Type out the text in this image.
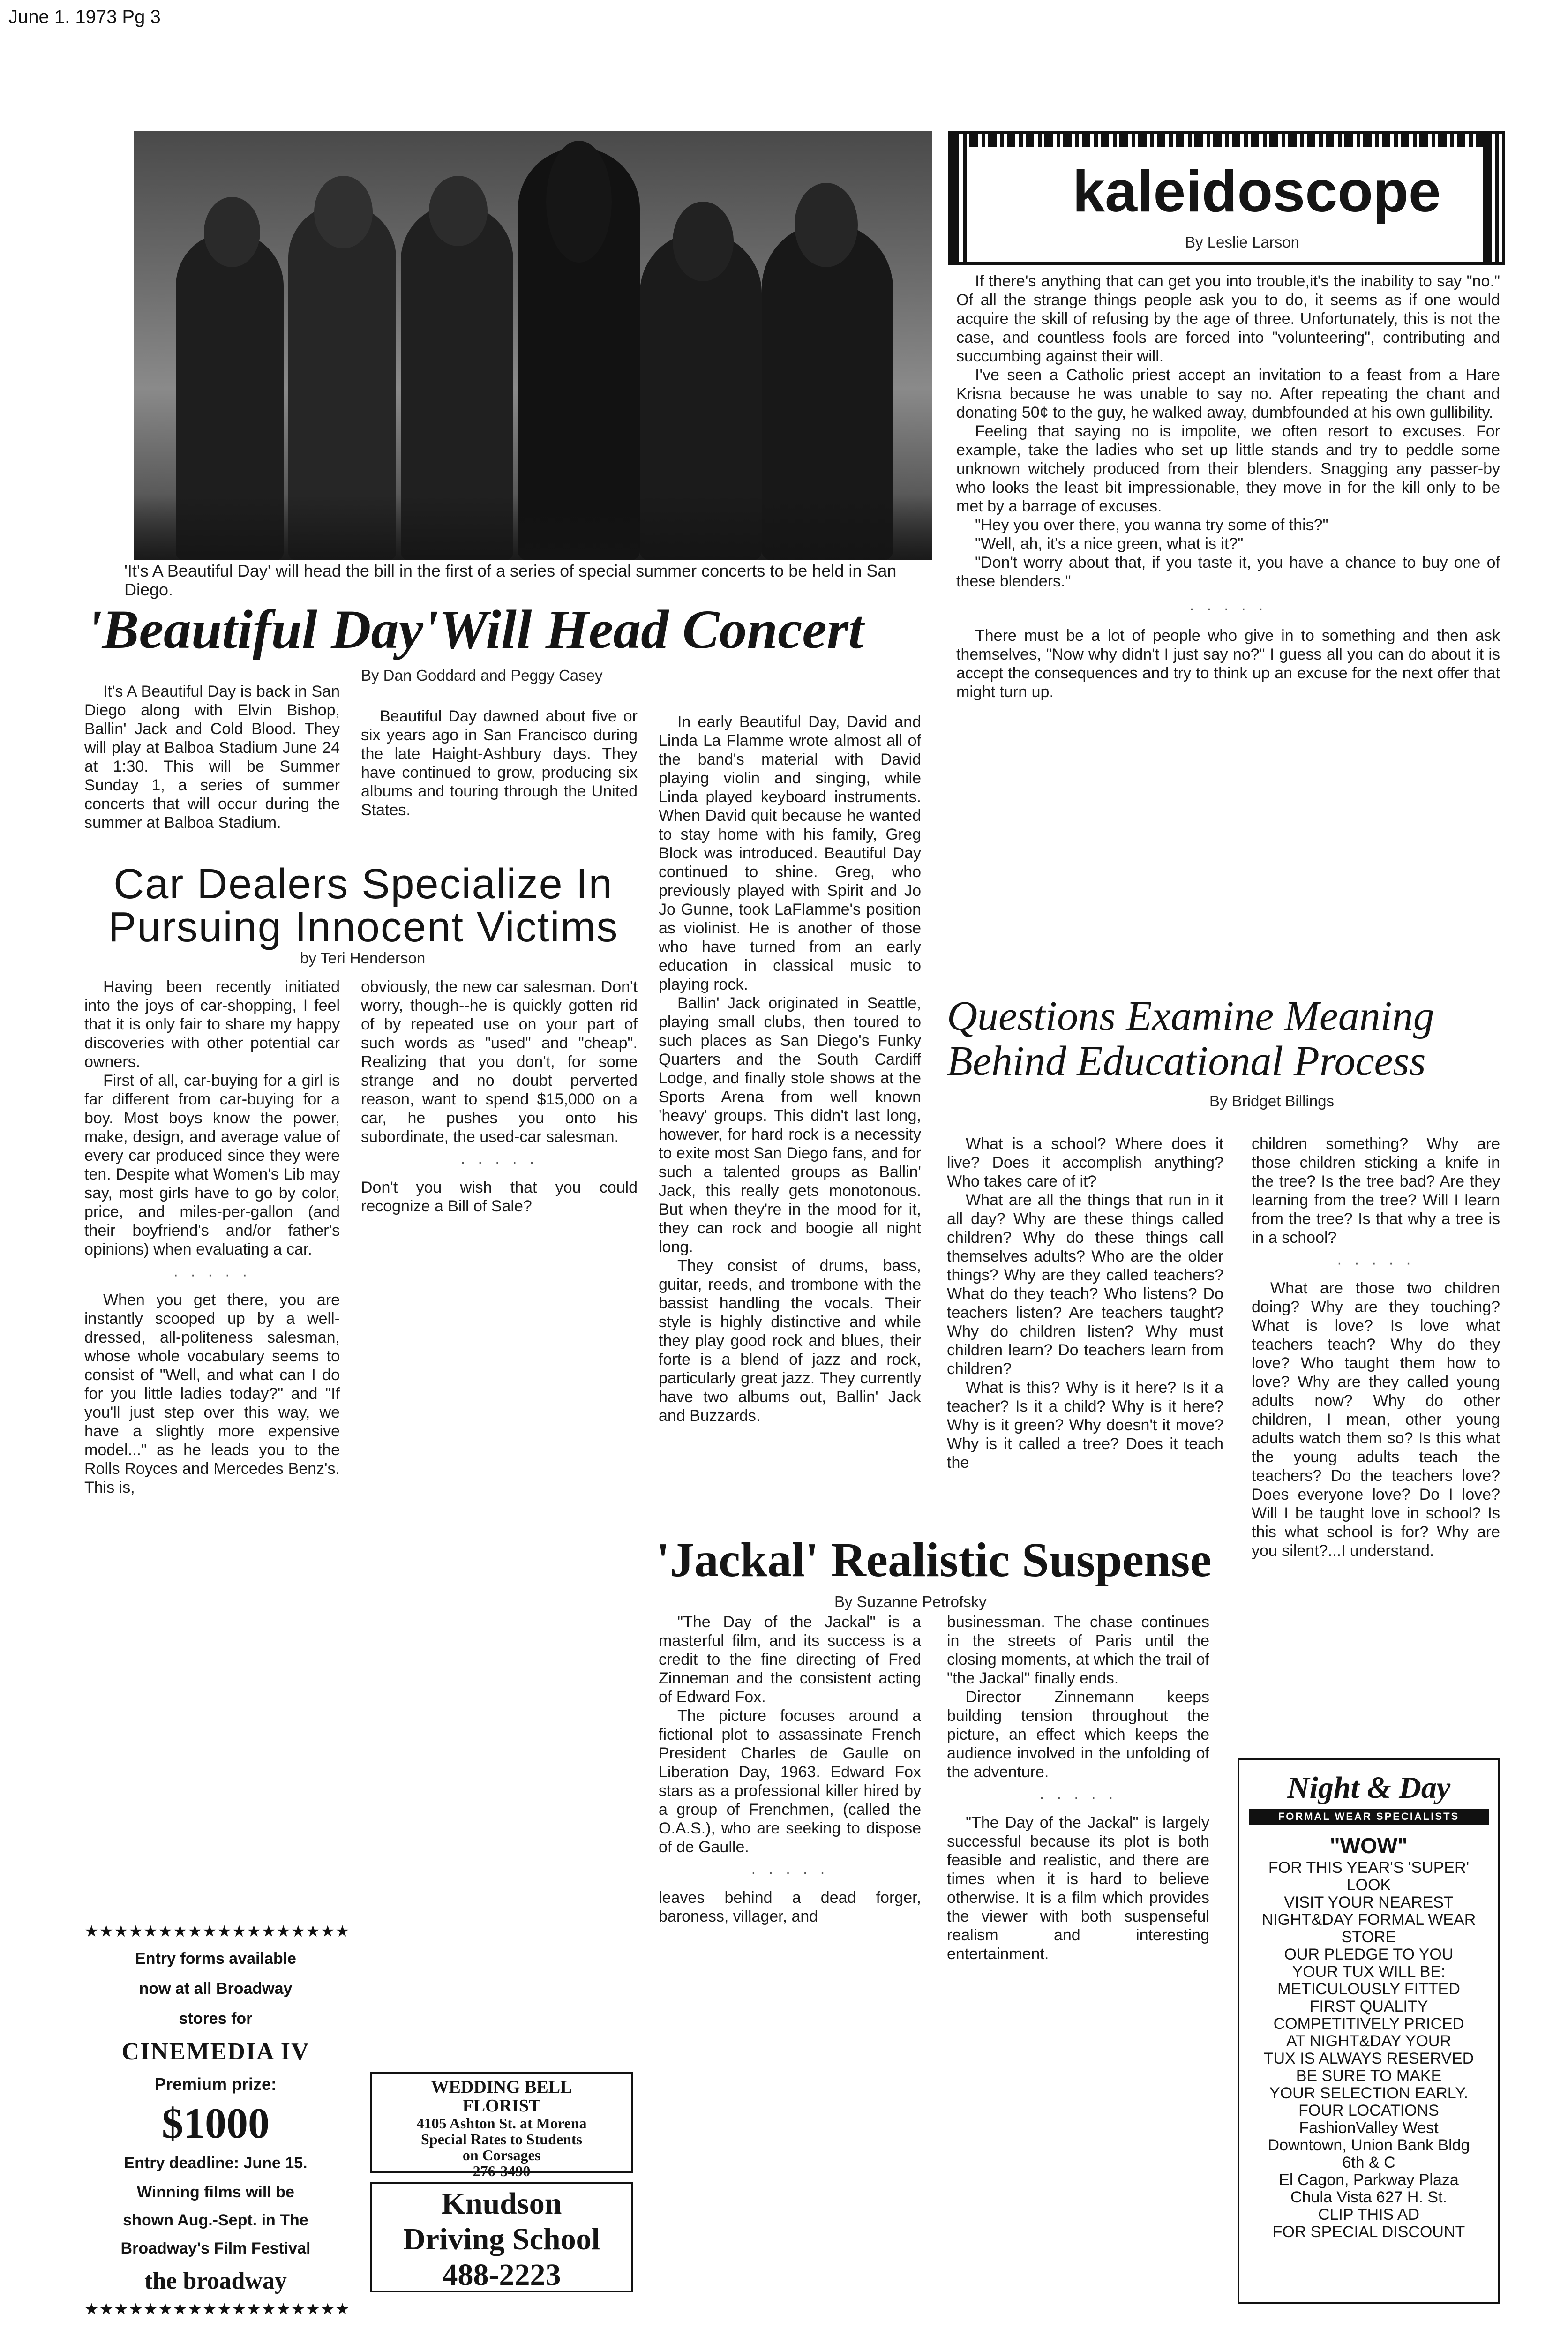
June 1. 1973 Pg 3
'It's A Beautiful Day' will head the bill in the first of a series of special summer concerts to be held in San Diego.
'Beautiful Day'Will Head Concert
By Dan Goddard and Peggy Casey

It's A Beautiful Day is back in San Diego along with Elvin Bishop, Ballin' Jack and Cold Blood. They will play at Balboa Stadium June 24 at 1:30. This will be Summer Sunday 1, a series of summer concerts that will occur during the summer at Balboa Stadium.

Beautiful Day dawned about five or six years ago in San Francisco during the late Haight-Ashbury days. They have continued to grow, producing six albums and touring through the United States.

Car Dealers Specialize In
Pursuing Innocent Victims
by Teri Henderson

Having been recently initiated into the joys of car-shopping, I feel that it is only fair to share my happy discoveries with other potential car owners.

First of all, car-buying for a girl is far different from car-buying for a boy. Most boys know the power, make, design, and average value of every car produced since they were ten. Despite what Women's Lib may say, most girls have to go by color, price, and miles-per-gallon (and their boyfriend's and/or father's opinions) when evaluating a car.

· · · · ·

When you get there, you are instantly scooped up by a well-dressed, all-politeness salesman, whose whole vocabulary seems to consist of "Well, and what can I do for you little ladies today?" and "If you'll just step over this way, we have a slightly more expensive model..." as he leads you to the Rolls Royces and Mercedes Benz's. This is,

obviously, the new car salesman. Don't worry, though--he is quickly gotten rid of by repeated use on your part of such words as "used" and "cheap". Realizing that you don't, for some strange and no doubt perverted reason, want to spend $15,000 on a car, he pushes you onto his subordinate, the used-car salesman.

· · · · ·

Don't you wish that you could recognize a Bill of Sale?

In early Beautiful Day, David and Linda La Flamme wrote almost all of the band's material with David playing violin and singing, while Linda played keyboard instruments. When David quit because he wanted to stay home with his family, Greg Block was introduced. Beautiful Day continued to shine. Greg, who previously played with Spirit and Jo Jo Gunne, took LaFlamme's position as violinist. He is another of those who have turned from an early education in classical music to playing rock.

Ballin' Jack originated in Seattle, playing small clubs, then toured to such places as San Diego's Funky Quarters and the South Cardiff Lodge, and finally stole shows at the Sports Arena from well known 'heavy' groups. This didn't last long, however, for hard rock is a necessity to exite most San Diego fans, and for such a talented groups as Ballin' Jack, this really gets monotonous. But when they're in the mood for it, they can rock and boogie all night long.

They consist of drums, bass, guitar, reeds, and trombone with the bassist handling the vocals. Their style is highly distinctive and while they play good rock and blues, their forte is a blend of jazz and rock, particularly great jazz. They currently have two albums out, Ballin' Jack and Buzzards.

★★★★★★★★★★★★★★★★★★
Entry forms available
now at all Broadway
stores for
CINEMEDIA IV
Premium prize:
$1000
Entry deadline: June 15.
Winning films will be
shown Aug.-Sept. in The
Broadway's Film Festival
the broadway
★★★★★★★★★★★★★★★★★★
WEDDING BELL
FLORIST
4105 Ashton St. at Morena
Special Rates to Students
on Corsages
276-3490
Knudson
Driving School
488-2223
'Jackal' Realistic Suspense
By Suzanne Petrofsky

"The Day of the Jackal" is a masterful film, and its success is a credit to the fine directing of Fred Zinneman and the consistent acting of Edward Fox.

The picture focuses around a fictional plot to assassinate French President Charles de Gaulle on Liberation Day, 1963. Edward Fox stars as a professional killer hired by a group of Frenchmen, (called the O.A.S.), who are seeking to dispose of de Gaulle.

· · · · ·

leaves behind a dead forger, baroness, villager, and

businessman. The chase continues in the streets of Paris until the closing moments, at which the trail of "the Jackal" finally ends.

Director Zinnemann keeps building tension throughout the picture, an effect which keeps the audience involved in the unfolding of the adventure.

· · · · ·

"The Day of the Jackal" is largely successful because its plot is both feasible and realistic, and there are times when it is hard to believe otherwise. It is a film which provides the viewer with both suspenseful realism and interesting entertainment.

kaleidoscope
By Leslie Larson

If there's anything that can get you into trouble,it's the inability to say "no." Of all the strange things people ask you to do, it seems as if one would acquire the skill of refusing by the age of three. Unfortunately, this is not the case, and countless fools are forced into "volunteering", contributing and succumbing against their will.

I've seen a Catholic priest accept an invitation to a feast from a Hare Krisna because he was unable to say no. After repeating the chant and donating 50¢ to the guy, he walked away, dumbfounded at his own gullibility.

Feeling that saying no is impolite, we often resort to excuses. For example, take the ladies who set up little stands and try to peddle some unknown witchely produced from their blenders. Snagging any passer-by who looks the least bit impressionable, they move in for the kill only to be met by a barrage of excuses.

"Hey you over there, you wanna try some of this?"

"Well, ah, it's a nice green, what is it?"

"Don't worry about that, if you taste it, you have a chance to buy one of these blenders."

· · · · ·

There must be a lot of people who give in to something and then ask themselves, "Now why didn't I just say no?" I guess all you can do about it is accept the consequences and try to think up an excuse for the next offer that might turn up.

Questions Examine Meaning
Behind Educational Process
By Bridget Billings

What is a school? Where does it live? Does it accomplish anything? Who takes care of it?

What are all the things that run in it all day? Why are these things called children? Why do these things call themselves adults? Who are the older things? Why are they called teachers? What do they teach? Who listens? Do teachers listen? Are teachers taught? Why do children listen? Why must children learn? Do teachers learn from children?

What is this? Why is it here? Is it a teacher? Is it a child? Why is it here? Why is it green? Why doesn't it move? Why is it called a tree? Does it teach the

children something? Why are those children sticking a knife in the tree? Is the tree bad? Are they learning from the tree? Will I learn from the tree? Is that why a tree is in a school?

· · · · ·

What are those two children doing? Why are they touching? What is love? Is love what teachers teach? Why do they love? Who taught them how to love? Why are they called young adults now? Why do other children, I mean, other young adults watch them so? Is this what the young adults teach the teachers? Do the teachers love? Does everyone love? Do I love? Will I be taught love in school? Is this what school is for? Why are you silent?...I understand.

Night & Day
FORMAL WEAR SPECIALISTS
"WOW"
FOR THIS YEAR'S 'SUPER'
LOOK
VISIT YOUR NEAREST
NIGHT&DAY FORMAL WEAR
STORE
OUR PLEDGE TO YOU
YOUR TUX WILL BE:
METICULOUSLY FITTED
FIRST QUALITY
COMPETITIVELY PRICED
AT NIGHT&DAY YOUR
TUX IS ALWAYS RESERVED
BE SURE TO MAKE
YOUR SELECTION EARLY.
FOUR LOCATIONS
FashionValley West
Downtown, Union Bank Bldg
6th & C
El Cagon, Parkway Plaza
Chula Vista 627 H. St.
CLIP THIS AD
FOR SPECIAL DISCOUNT
